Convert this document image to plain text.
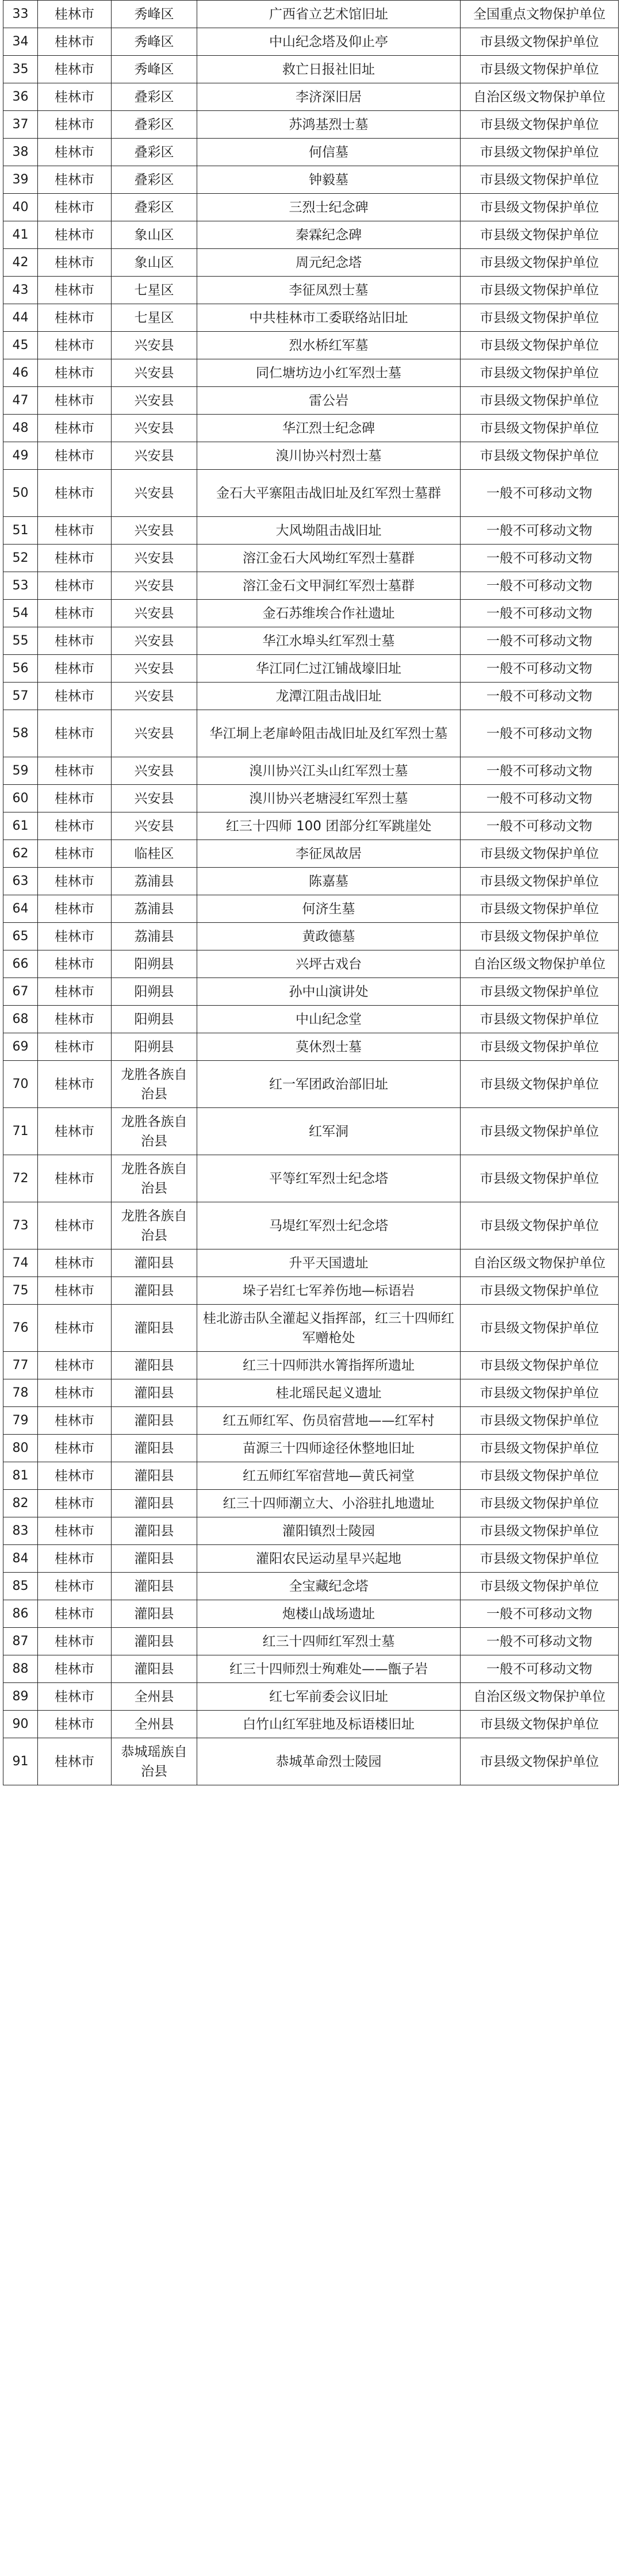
33	桂林市	秀峰区	广西省立艺术馆旧址	全国重点文物保护单位
34	桂林市	秀峰区	中山纪念塔及仰止亭	市县级文物保护单位
35	桂林市	秀峰区	救亡日报社旧址	市县级文物保护单位
36	桂林市	叠彩区	李济深旧居	自治区级文物保护单位
37	桂林市	叠彩区	苏鸿基烈士墓	市县级文物保护单位
38	桂林市	叠彩区	何信墓	市县级文物保护单位
39	桂林市	叠彩区	钟毅墓	市县级文物保护单位
40	桂林市	叠彩区	三烈士纪念碑	市县级文物保护单位
41	桂林市	象山区	秦霖纪念碑	市县级文物保护单位
42	桂林市	象山区	周元纪念塔	市县级文物保护单位
43	桂林市	七星区	李征凤烈士墓	市县级文物保护单位
44	桂林市	七星区	中共桂林市工委联络站旧址	市县级文物保护单位
45	桂林市	兴安县	烈水桥红军墓	市县级文物保护单位
46	桂林市	兴安县	同仁塘坊边小红军烈士墓	市县级文物保护单位
47	桂林市	兴安县	雷公岩	市县级文物保护单位
48	桂林市	兴安县	华江烈士纪念碑	市县级文物保护单位
49	桂林市	兴安县	溴川协兴村烈士墓	市县级文物保护单位
50	桂林市	兴安县	金石大平寨阻击战旧址及红军烈士墓群	一般不可移动文物
51	桂林市	兴安县	大风坳阻击战旧址	一般不可移动文物
52	桂林市	兴安县	溶江金石大风坳红军烈士墓群	一般不可移动文物
53	桂林市	兴安县	溶江金石文甲洞红军烈士墓群	一般不可移动文物
54	桂林市	兴安县	金石苏维埃合作社遗址	一般不可移动文物
55	桂林市	兴安县	华江水埠头红军烈士墓	一般不可移动文物
56	桂林市	兴安县	华江同仁过江铺战壕旧址	一般不可移动文物
57	桂林市	兴安县	龙潭江阻击战旧址	一般不可移动文物
58	桂林市	兴安县	华江垌上老扉岭阻击战旧址及红军烈士墓	一般不可移动文物
59	桂林市	兴安县	溴川协兴江头山红军烈士墓	一般不可移动文物
60	桂林市	兴安县	溴川协兴老塘浸红军烈士墓	一般不可移动文物
61	桂林市	兴安县	红三十四师 100 团部分红军跳崖处	一般不可移动文物
62	桂林市	临桂区	李征凤故居	市县级文物保护单位
63	桂林市	荔浦县	陈嘉墓	市县级文物保护单位
64	桂林市	荔浦县	何济生墓	市县级文物保护单位
65	桂林市	荔浦县	黄政德墓	市县级文物保护单位
66	桂林市	阳朔县	兴坪古戏台	自治区级文物保护单位
67	桂林市	阳朔县	孙中山演讲处	市县级文物保护单位
68	桂林市	阳朔县	中山纪念堂	市县级文物保护单位
69	桂林市	阳朔县	莫休烈士墓	市县级文物保护单位
70	桂林市	龙胜各族自治县	红一军团政治部旧址	市县级文物保护单位
71	桂林市	龙胜各族自治县	红军洞	市县级文物保护单位
72	桂林市	龙胜各族自治县	平等红军烈士纪念塔	市县级文物保护单位
73	桂林市	龙胜各族自治县	马堤红军烈士纪念塔	市县级文物保护单位
74	桂林市	灌阳县	升平天国遗址	自治区级文物保护单位
75	桂林市	灌阳县	垛子岩红七军养伤地—标语岩	市县级文物保护单位
76	桂林市	灌阳县	桂北游击队全灌起义指挥部，红三十四师红军赠枪处	市县级文物保护单位
77	桂林市	灌阳县	红三十四师洪水箐指挥所遗址	市县级文物保护单位
78	桂林市	灌阳县	桂北瑶民起义遗址	市县级文物保护单位
79	桂林市	灌阳县	红五师红军、伤员宿营地——红军村	市县级文物保护单位
80	桂林市	灌阳县	苗源三十四师途径休整地旧址	市县级文物保护单位
81	桂林市	灌阳县	红五师红军宿营地—黄氏祠堂	市县级文物保护单位
82	桂林市	灌阳县	红三十四师潮立大、小浴驻扎地遗址	市县级文物保护单位
83	桂林市	灌阳县	灌阳镇烈士陵园	市县级文物保护单位
84	桂林市	灌阳县	灌阳农民运动星早兴起地	市县级文物保护单位
85	桂林市	灌阳县	全宝藏纪念塔	市县级文物保护单位
86	桂林市	灌阳县	炮楼山战场遗址	一般不可移动文物
87	桂林市	灌阳县	红三十四师红军烈士墓	一般不可移动文物
88	桂林市	灌阳县	红三十四师烈士殉难处——甑子岩	一般不可移动文物
89	桂林市	全州县	红七军前委会议旧址	自治区级文物保护单位
90	桂林市	全州县	白竹山红军驻地及标语楼旧址	市县级文物保护单位
91	桂林市	恭城瑶族自治县	恭城革命烈士陵园	市县级文物保护单位
